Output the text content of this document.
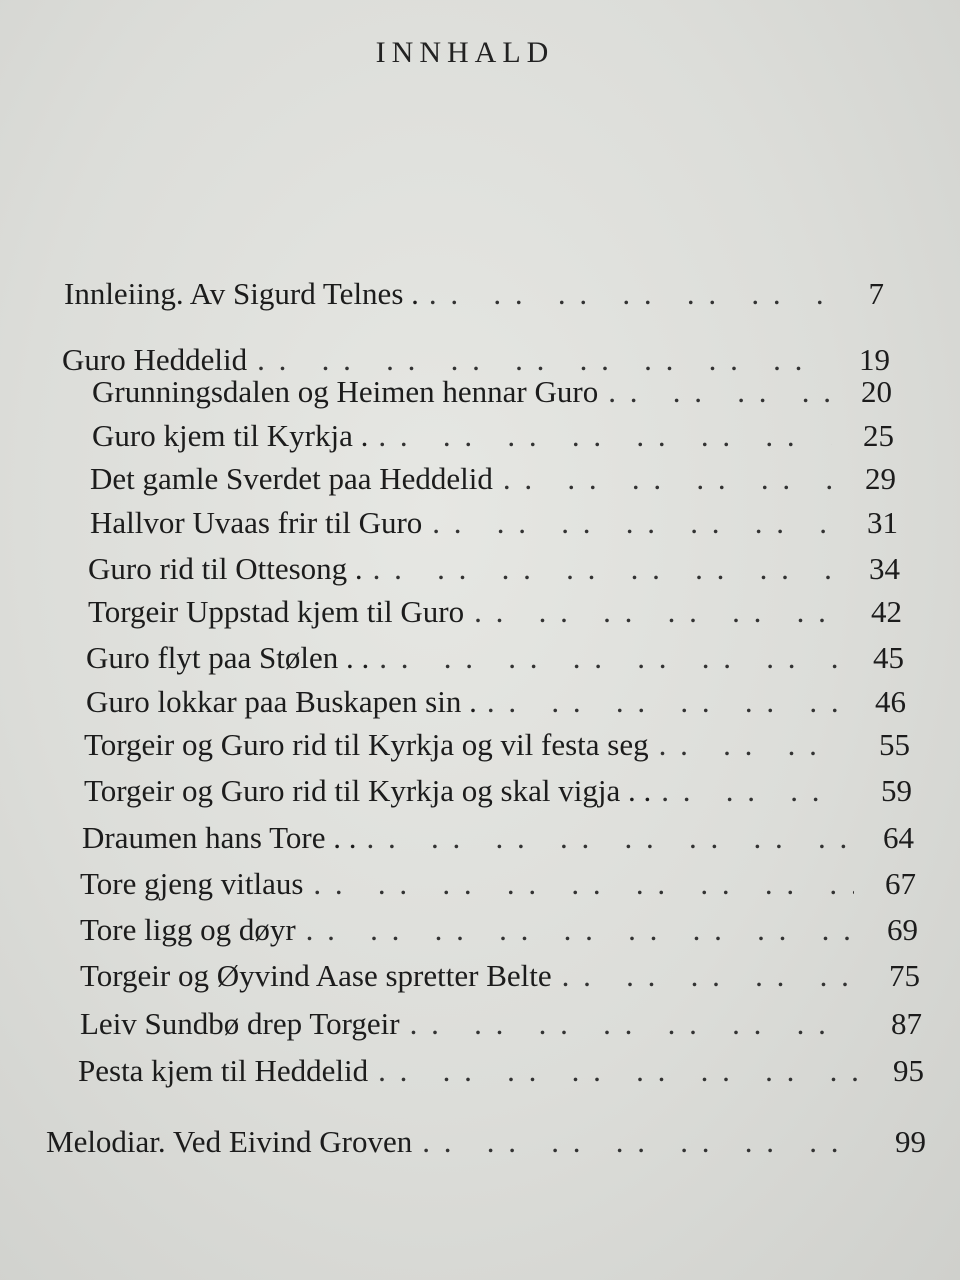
INNHALD
Innleiing. Av Sigurd Telnes . . .	7
Guro Heddelid . .	19
Grunningsdalen og Heimen hennar Guro . .	20
Guro kjem til Kyrkja . . .	25
Det gamle Sverdet paa Heddelid . .	29
Hallvor Uvaas frir til Guro . .	31
Guro rid til Ottesong . . .	34
Torgeir Uppstad kjem til Guro . .	42
Guro flyt paa Stølen . . . .	45
Guro lokkar paa Buskapen sin . . .	46
Torgeir og Guro rid til Kyrkja og vil festa seg . .	55
Torgeir og Guro rid til Kyrkja og skal vigja . . . .	59
Draumen hans Tore . . . .	64
Tore gjeng vitlaus . .	67
Tore ligg og døyr . .	69
Torgeir og Øyvind Aase spretter Belte . .	75
Leiv Sundbø drep Torgeir . .	87
Pesta kjem til Heddelid . .	95
Melodiar. Ved Eivind Groven . .	99
